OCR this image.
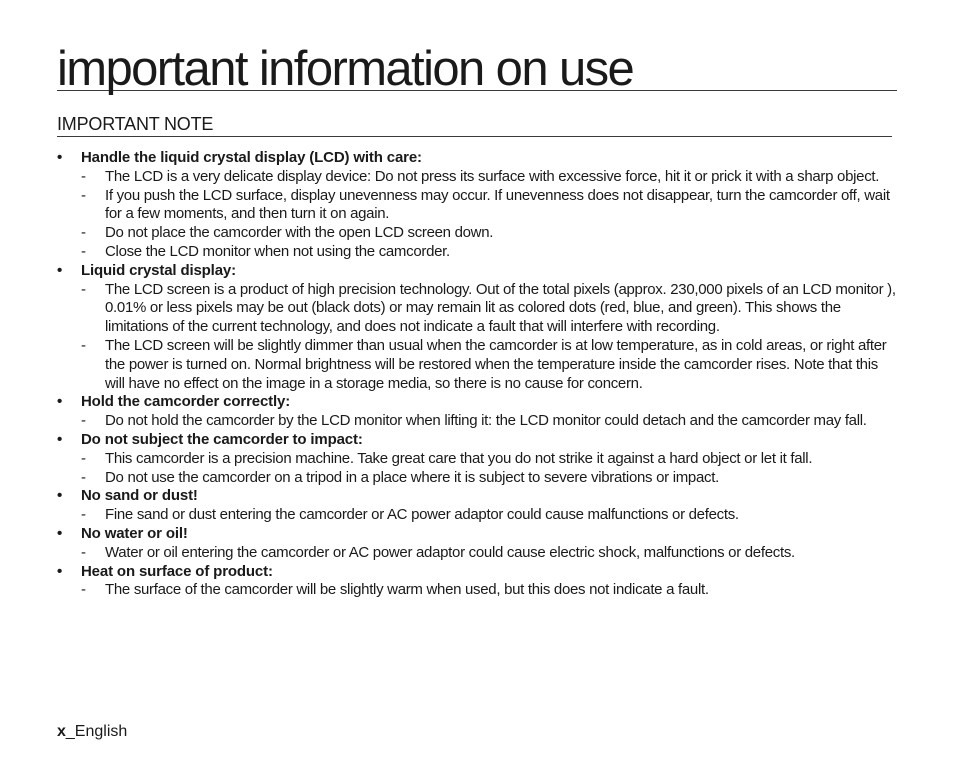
important information on use
IMPORTANT NOTE
• Handle the liquid crystal display (LCD) with care:
- The LCD is a very delicate display device: Do not press its surface with excessive force, hit it or prick it with a sharp object.
- If you push the LCD surface, display unevenness may occur. If unevenness does not disappear, turn the camcorder off, wait for a few moments, and then turn it on again.
- Do not place the camcorder with the open LCD screen down.
- Close the LCD monitor when not using the camcorder.
• Liquid crystal display:
- The LCD screen is a product of high precision technology. Out of the total pixels (approx. 230,000 pixels of an LCD monitor ), 0.01% or less pixels may be out (black dots) or may remain lit as colored dots (red, blue, and green). This shows the limitations of the current technology, and does not indicate a fault that will interfere with recording.
- The LCD screen will be slightly dimmer than usual when the camcorder is at low temperature, as in cold areas, or right after the power is turned on. Normal brightness will be restored when the temperature inside the camcorder rises. Note that this will have no effect on the image in a storage media, so there is no cause for concern.
• Hold the camcorder correctly:
- Do not hold the camcorder by the LCD monitor when lifting it: the LCD monitor could detach and the camcorder may fall.
• Do not subject the camcorder to impact:
- This camcorder is a precision machine. Take great care that you do not strike it against a hard object or let it fall.
- Do not use the camcorder on a tripod in a place where it is subject to severe vibrations or impact.
• No sand or dust!
- Fine sand or dust entering the camcorder or AC power adaptor could cause malfunctions or defects.
• No water or oil!
- Water or oil entering the camcorder or AC power adaptor could cause electric shock, malfunctions or defects.
• Heat on surface of product:
- The surface of the camcorder will be slightly warm when used, but this does not indicate a fault.
x_English
